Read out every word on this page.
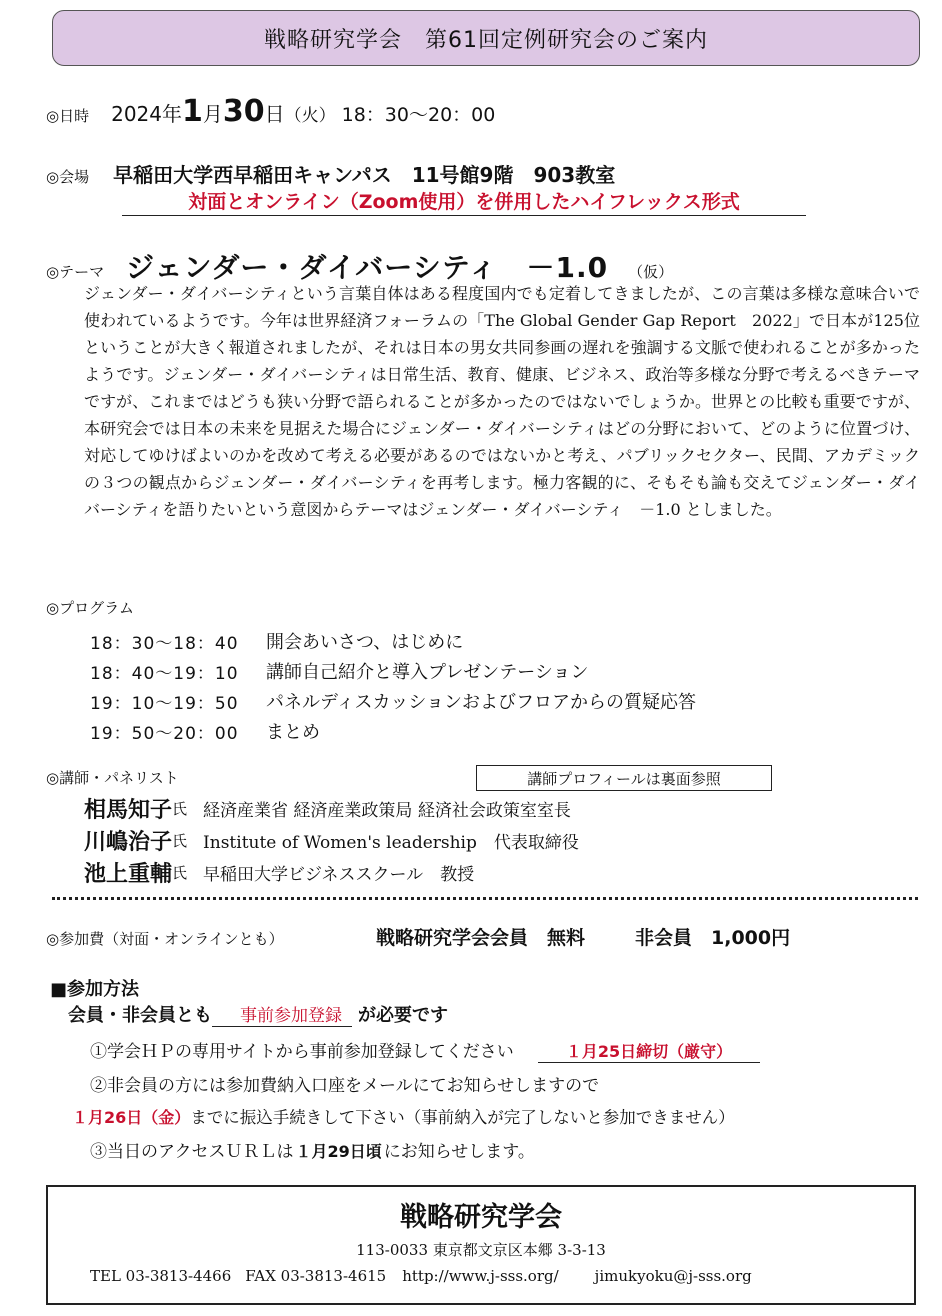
戦略研究学会　第61回定例研究会のご案内
◎日時 2024年 1 月 30 日 （火） 18：30〜20：00
◎会場 早稲田大学西早稲田キャンパス　11号館9階　903教室
対面とオンライン（Zoom使用）を併用したハイフレックス形式
◎テーマ ジェンダー・ダイバーシティ　－1.0 （仮）

ジェンダー・ダイバーシティという言葉自体はある程度国内でも定着してきましたが、この言葉は多様な意味合いで使われているようです。今年は世界経済フォーラムの「The Global Gender Gap Report　2022」で日本が125位ということが大きく報道されましたが、それは日本の男女共同参画の遅れを強調する文脈で使われることが多かったようです。ジェンダー・ダイバーシティは日常生活、教育、健康、ビジネス、政治等多様な分野で考えるべきテーマですが、これまではどうも狭い分野で語られることが多かったのではないでしょうか。世界との比較も重要ですが、本研究会では日本の未来を見据えた場合にジェンダー・ダイバーシティはどの分野において、どのように位置づけ、対応してゆけばよいのかを改めて考える必要があるのではないかと考え、パブリックセクター、民間、アカデミックの３つの観点からジェンダー・ダイバーシティを再考します。極力客観的に、そもそも論も交えてジェンダー・ダイバーシティを語りたいという意図からテーマはジェンダー・ダイバーシティ　－1.0 としました。

◎プログラム
18：30〜18：40	開会あいさつ、はじめに
18：40〜19：10	講師自己紹介と導入プレゼンテーション
19：10〜19：50	パネルディスカッションおよびフロアからの質疑応答
19：50〜20：00	まとめ
◎講師・パネリスト	講師プロフィールは裏面参照
相馬知子 氏 経済産業省 経済産業政策局 経済社会政策室室長
川嶋治子 氏 Institute of Women's leadership　代表取締役
池上重輔 氏 早稲田大学ビジネススクール　教授
◎参加費（対面・オンラインとも）	戦略研究学会会員　無料	非会員　1,000円
■参加方法
会員・非会員とも	事前参加登録 が必要です
①学会ＨＰの専用サイトから事前参加登録してください	１月25日締切（厳守）
②非会員の方には参加費納入口座をメールにてお知らせしますので
１月26日（金） までに振込手続きして下さい（事前納入が完了しないと参加できません）
③当日のアクセスＵＲＬは １月29日頃 にお知らせします。
戦略研究学会
113-0033 東京都文京区本郷 3-3-13
TEL 03-3813-4466 FAX 03-3813-4615 http://www.j-sss.org/ jimukyoku@j-sss.org
